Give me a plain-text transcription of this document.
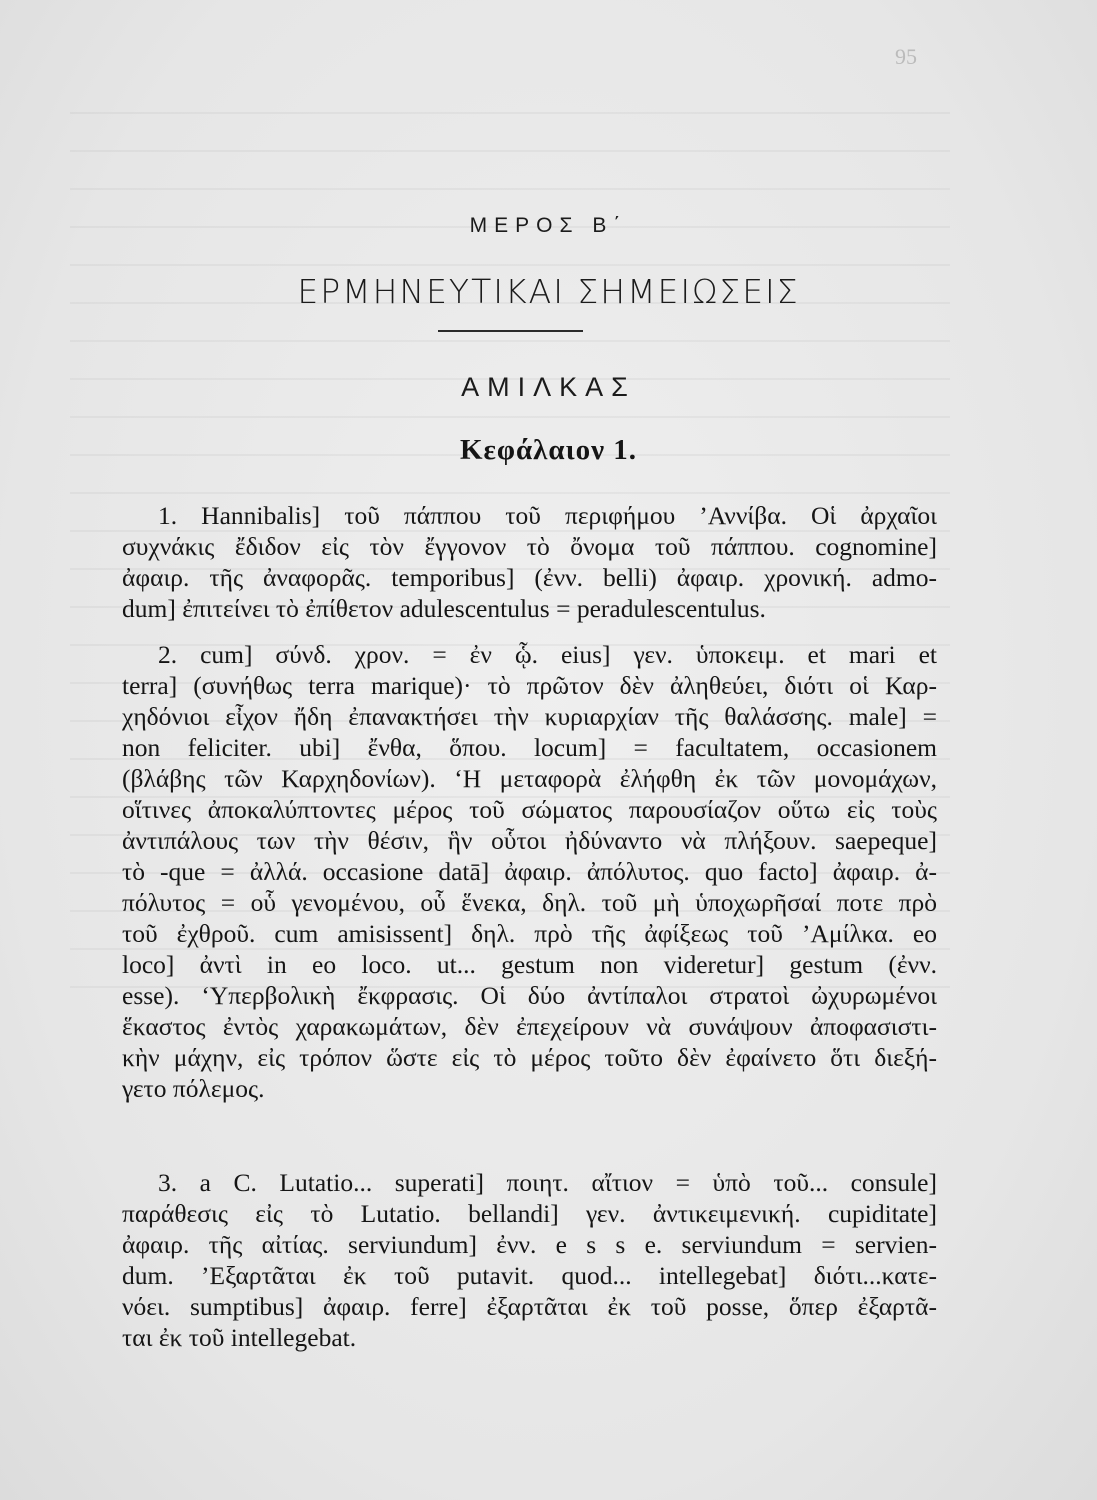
95
ΜΕΡΟΣ Β΄
ΕΡΜΗΝΕΥΤΙΚΑΙ ΣΗΜΕΙΩΣΕΙΣ
ΑΜΙΛΚΑΣ
Κεφάλαιον 1.
1. Hannibalis] τοῦ πάππου τοῦ περιφήμου ’Αννίβα. Οἱ ἀρχαῖοι
συχνάκις ἔδιδον εἰς τὸν ἔγγονον τὸ ὄνομα τοῦ πάππου. cognomine]
ἀφαιρ. τῆς ἀναφορᾶς. temporibus] (ἐνν. belli) ἀφαιρ. χρονική. admo-
dum] ἐπιτείνει τὸ ἐπίθετον adulescentulus = peradulescentulus.
2. cum] σύνδ. χρον. = ἐν ᾧ. eius] γεν. ὑποκειμ. et mari et
terra] (συνήθως terra marique)· τὸ πρῶτον δὲν ἀληθεύει, διότι οἱ Καρ-
χηδόνιοι εἶχον ἤδη ἐπανακτήσει τὴν κυριαρχίαν τῆς θαλάσσης. male] =
non feliciter. ubi] ἔνθα, ὅπου. locum] = facultatem, occasionem
(βλάβης τῶν Καρχηδονίων). ‘Η μεταφορὰ ἐλήφθη ἐκ τῶν μονομάχων,
οἵτινες ἀποκαλύπτοντες μέρος τοῦ σώματος παρουσίαζον οὕτω εἰς τοὺς
ἀντιπάλους των τὴν θέσιν, ἣν οὗτοι ἠδύναντο νὰ πλήξουν. saepeque]
τὸ -que = ἀλλά. occasione datā] ἀφαιρ. ἀπόλυτος. quo facto] ἀφαιρ. ἀ-
πόλυτος = οὗ γενομένου, οὗ ἕνεκα, δηλ. τοῦ μὴ ὑποχωρῆσαί ποτε πρὸ
τοῦ ἐχθροῦ. cum amisissent] δηλ. πρὸ τῆς ἀφίξεως τοῦ ’Αμίλκα. eo
loco] ἀντὶ in eo loco. ut... gestum non videretur] gestum (ἐνν.
esse). ‘Υπερβολικὴ ἔκφρασις. Οἱ δύο ἀντίπαλοι στρατοὶ ὠχυρωμένοι
ἕκαστος ἐντὸς χαρακωμάτων, δὲν ἐπεχείρουν νὰ συνάψουν ἀποφασιστι-
κὴν μάχην, εἰς τρόπον ὥστε εἰς τὸ μέρος τοῦτο δὲν ἐφαίνετο ὅτι διεξή-
γετο πόλεμος.
3. a C. Lutatio... superati] ποιητ. αἴτιον = ὑπὸ τοῦ... consule]
παράθεσις εἰς τὸ Lutatio. bellandi] γεν. ἀντικειμενική. cupiditate]
ἀφαιρ. τῆς αἰτίας. serviundum] ἐνν. e s s e. serviundum = servien-
dum. ’Εξαρτᾶται ἐκ τοῦ putavit. quod... intellegebat] διότι...κατε-
νόει. sumptibus] ἀφαιρ. ferre] ἐξαρτᾶται ἐκ τοῦ posse, ὅπερ ἐξαρτᾶ-
ται ἐκ τοῦ intellegebat.
